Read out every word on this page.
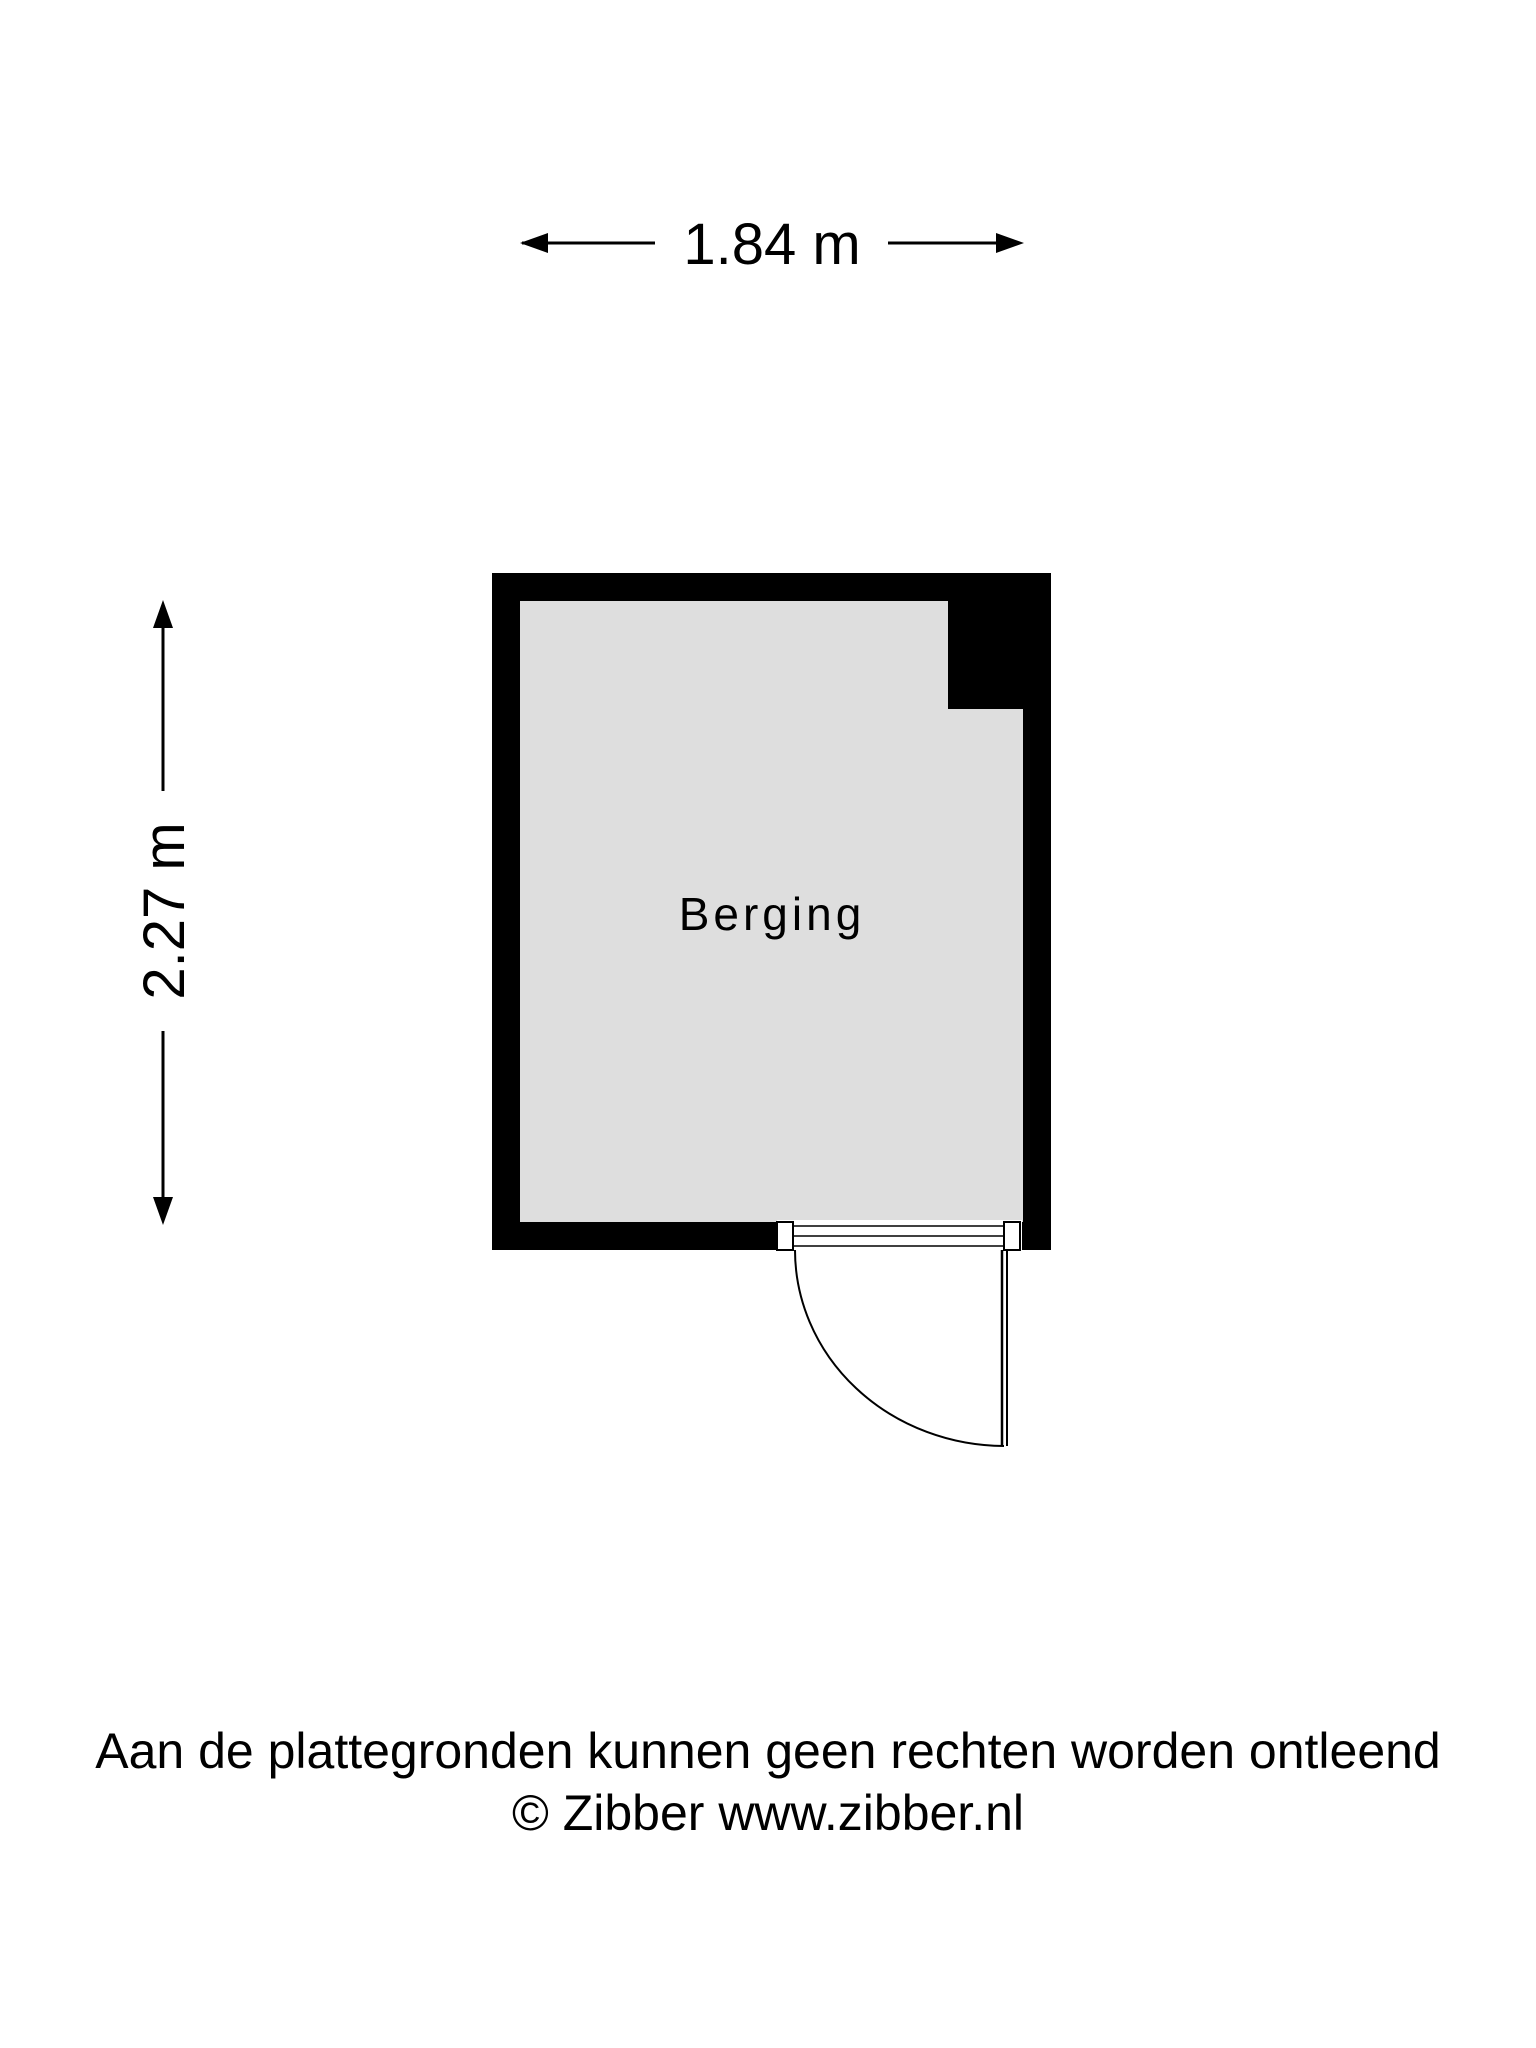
1.84 m
2.27 m	Berging
Aan de plattegronden kunnen geen rechten worden ontleend
© Zibber www.zibber.nl
